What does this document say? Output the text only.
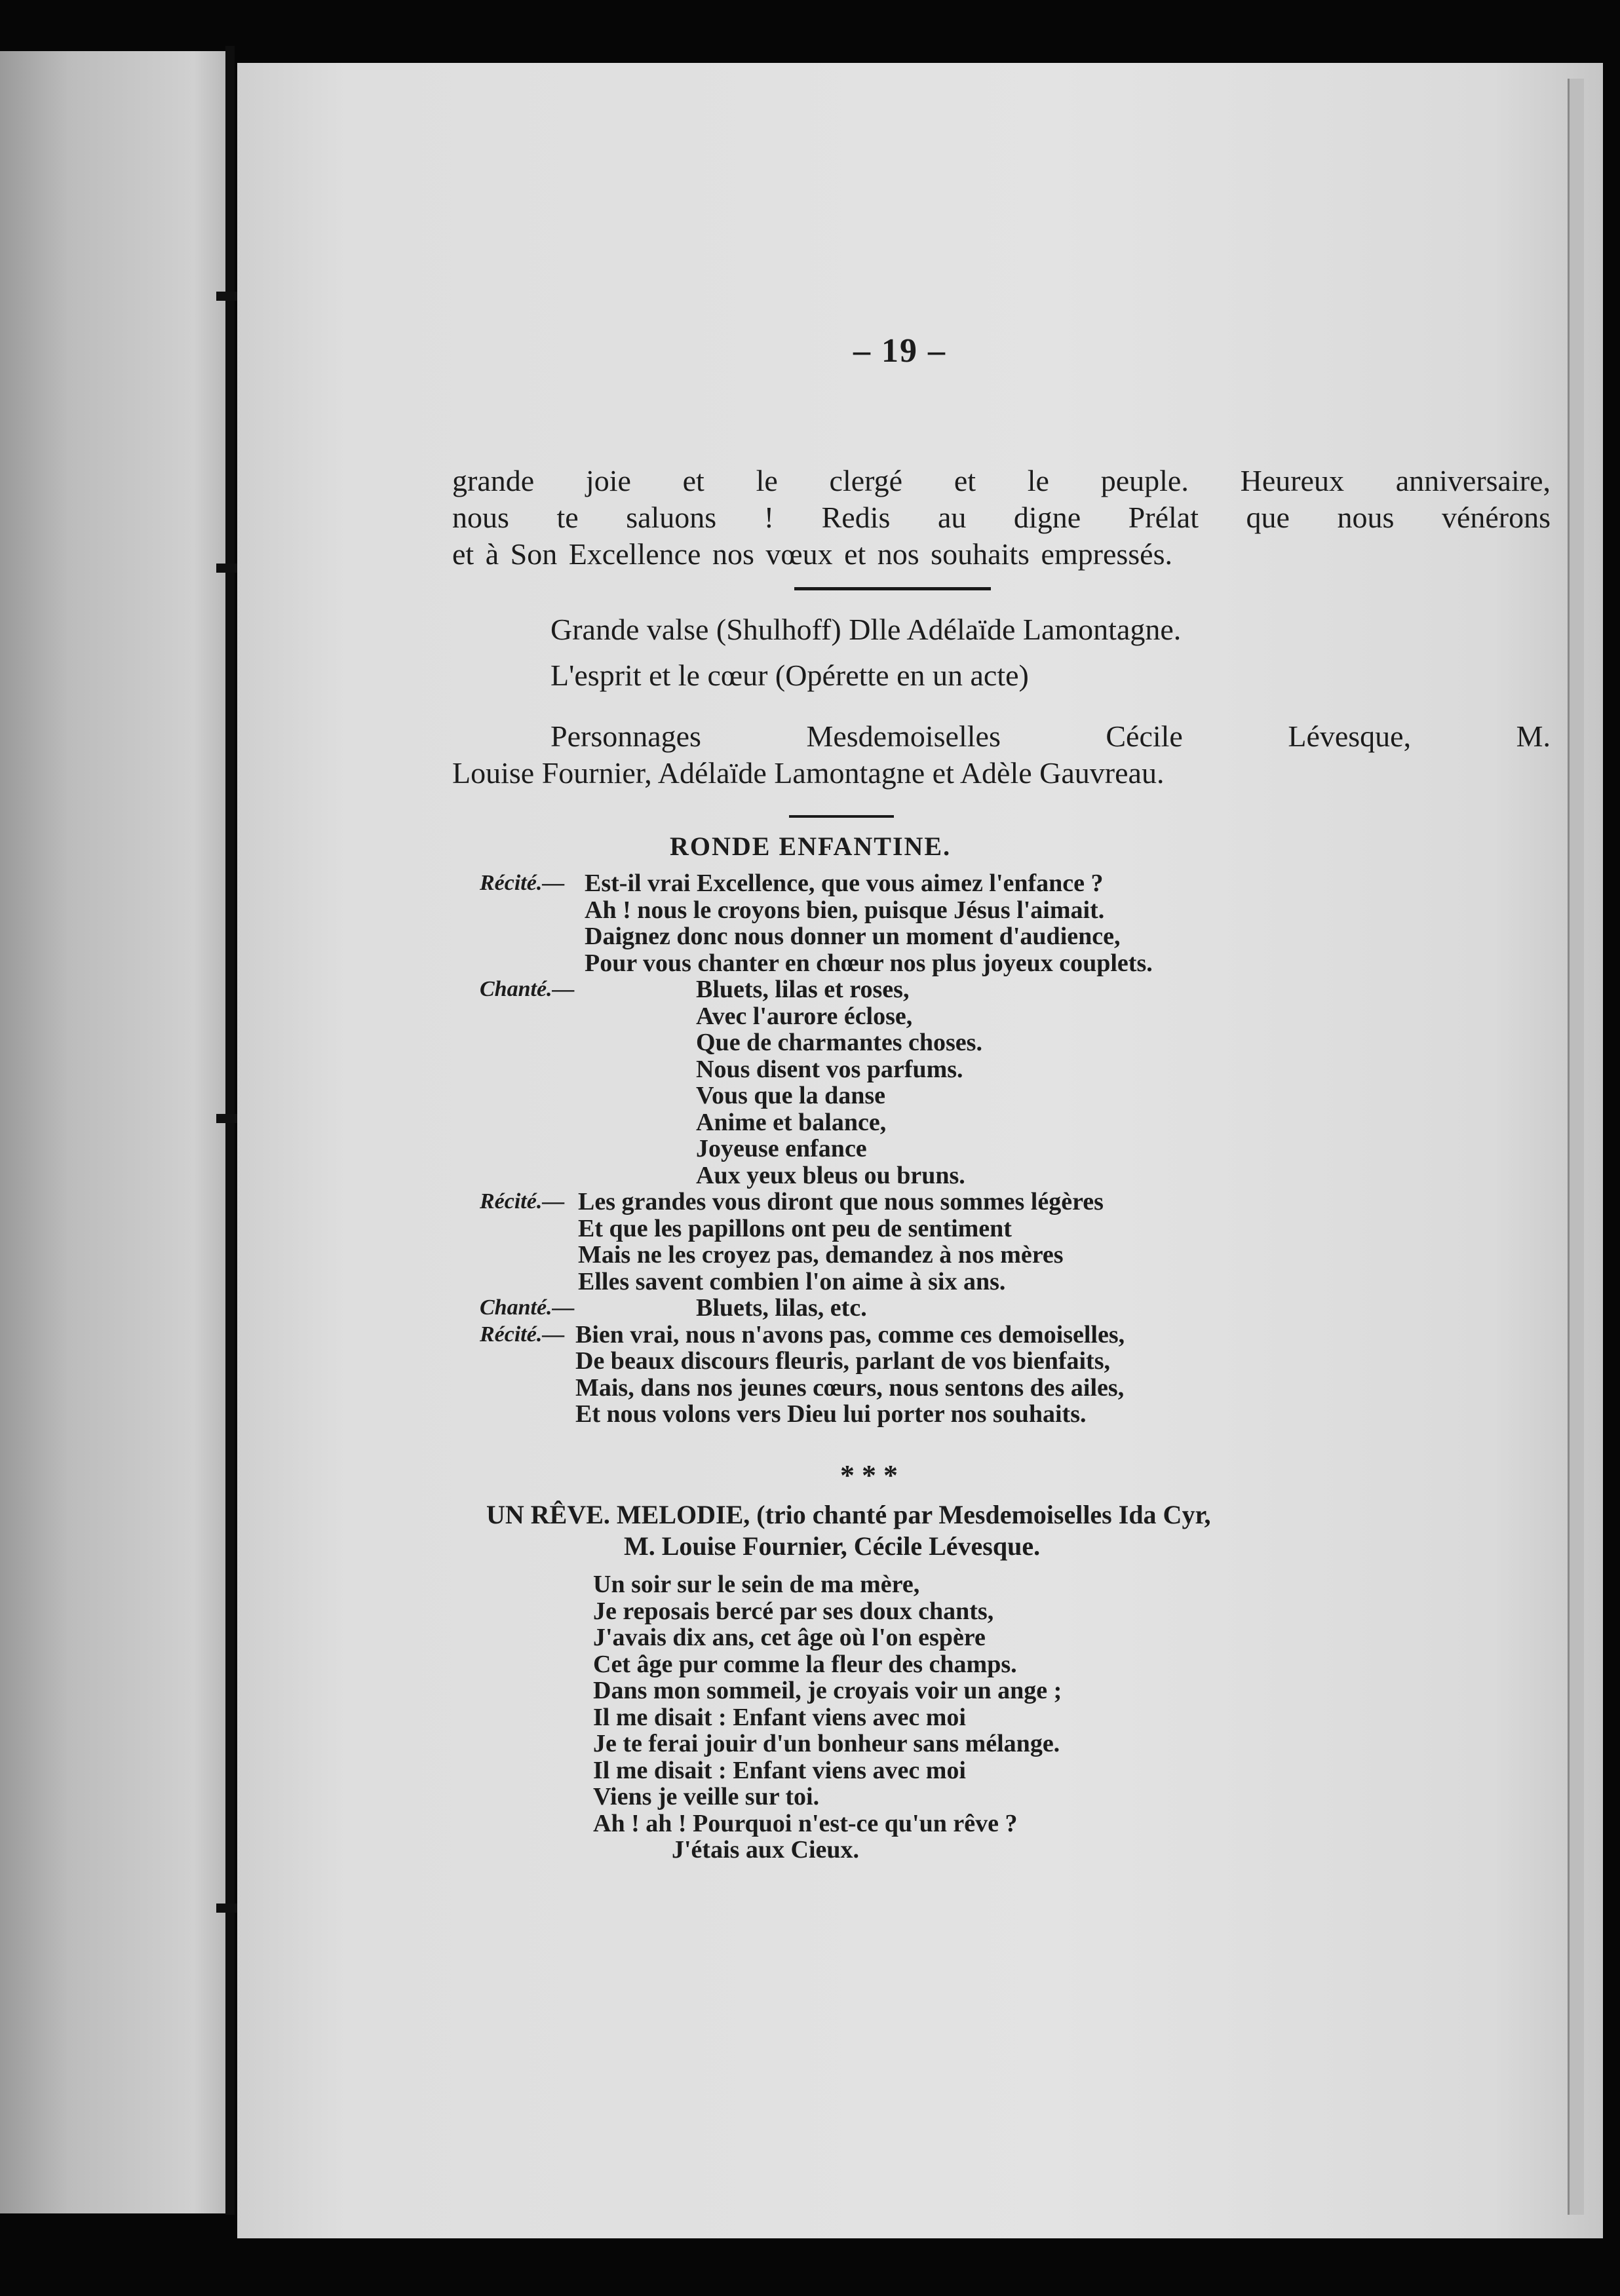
– 19 –
grande joie et le clergé et le peuple. Heureux anniversaire,
nous te saluons ! Redis au digne Prélat que nous vénérons
et à Son Excellence nos vœux et nos souhaits empressés.
Grande valse (Shulhoff) Dlle Adélaïde Lamontagne.
L'esprit et le cœur (Opérette en un acte)
Personnages Mesdemoiselles Cécile Lévesque, M.
Louise Fournier, Adélaïde Lamontagne et Adèle Gauvreau.
RONDE ENFANTINE.
Récité.— Est-il vrai Excellence, que vous aimez l'enfance ?
Ah ! nous le croyons bien, puisque Jésus l'aimait.
Daignez donc nous donner un moment d'audience,
Pour vous chanter en chœur nos plus joyeux couplets.
Chanté.—	Bluets, lilas et roses,
Avec l'aurore éclose,
Que de charmantes choses.
Nous disent vos parfums.
Vous que la danse
Anime et balance,
Joyeuse enfance
Aux yeux bleus ou bruns.
Récité.— Les grandes vous diront que nous sommes légères
Et que les papillons ont peu de sentiment
Mais ne les croyez pas, demandez à nos mères
Elles savent combien l'on aime à six ans.
Chanté.—	Bluets, lilas, etc.
Récité.— Bien vrai, nous n'avons pas, comme ces demoiselles,
De beaux discours fleuris, parlant de vos bienfaits,
Mais, dans nos jeunes cœurs, nous sentons des ailes,
Et nous volons vers Dieu lui porter nos souhaits.
* * *
UN RÊVE. MELODIE, (trio chanté par Mesdemoiselles Ida Cyr,
M. Louise Fournier, Cécile Lévesque.
Un soir sur le sein de ma mère,
Je reposais bercé par ses doux chants,
J'avais dix ans, cet âge où l'on espère
Cet âge pur comme la fleur des champs.
Dans mon sommeil, je croyais voir un ange ;
Il me disait : Enfant viens avec moi
Je te ferai jouir d'un bonheur sans mélange.
Il me disait : Enfant viens avec moi
Viens je veille sur toi.
Ah ! ah ! Pourquoi n'est-ce qu'un rêve ?
J'étais aux Cieux.
